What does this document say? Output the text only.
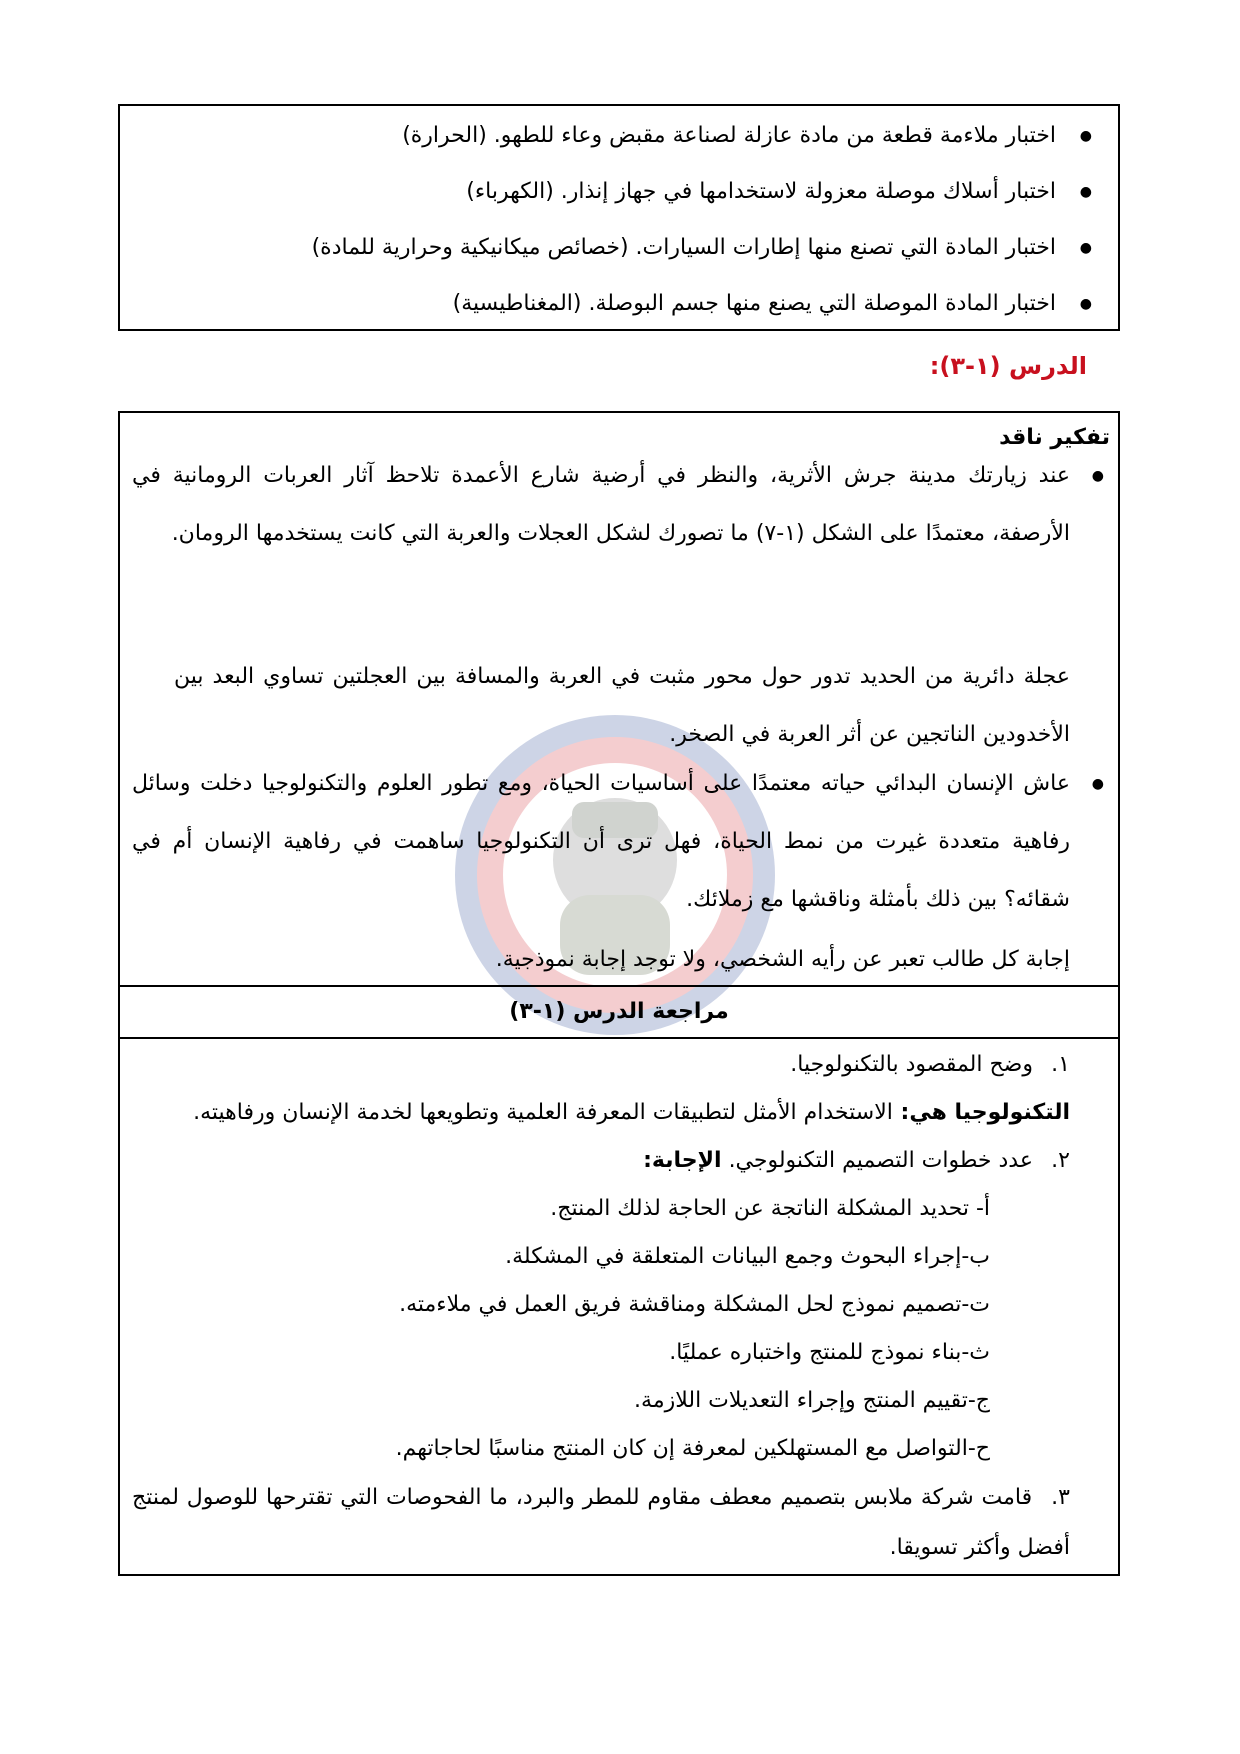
● اختبار ملاءمة قطعة من مادة عازلة لصناعة مقبض وعاء للطهو. (الحرارة)
● اختبار أسلاك موصلة معزولة لاستخدامها في جهاز إنذار. (الكهرباء)
● اختبار المادة التي تصنع منها إطارات السيارات. (خصائص ميكانيكية وحرارية للمادة)
● اختبار المادة الموصلة التي يصنع منها جسم البوصلة. (المغناطيسية)
الدرس (١-٣):
تفكير ناقد
●
عند زيارتك مدينة جرش الأثرية، والنظر في أرضية شارع الأعمدة تلاحظ آثار العربات الرومانية في الأرصفة، معتمدًا على الشكل (١-٧) ما تصورك لشكل العجلات والعربة التي كانت يستخدمها الرومان.
عجلة دائرية من الحديد تدور حول محور مثبت في العربة والمسافة بين العجلتين تساوي البعد بين الأخدودين الناتجين عن أثر العربة في الصخر.
●
عاش الإنسان البدائي حياته معتمدًا على أساسيات الحياة، ومع تطور العلوم والتكنولوجيا دخلت وسائل رفاهية متعددة غيرت من نمط الحياة، فهل ترى أن التكنولوجيا ساهمت في رفاهية الإنسان أم في شقائه؟ بين ذلك بأمثلة وناقشها مع زملائك.
إجابة كل طالب تعبر عن رأيه الشخصي، ولا توجد إجابة نموذجية.
مراجعة الدرس (١-٣)
١. وضح المقصود بالتكنولوجيا.
التكنولوجيا هي: الاستخدام الأمثل لتطبيقات المعرفة العلمية وتطويعها لخدمة الإنسان ورفاهيته.
٢. عدد خطوات التصميم التكنولوجي. الإجابة:
أ- تحديد المشكلة الناتجة عن الحاجة لذلك المنتج.
ب-إجراء البحوث وجمع البيانات المتعلقة في المشكلة.
ت-تصميم نموذج لحل المشكلة ومناقشة فريق العمل في ملاءمته.
ث-بناء نموذج للمنتج واختباره عمليًا.
ج-تقييم المنتج وإجراء التعديلات اللازمة.
ح-التواصل مع المستهلكين لمعرفة إن كان المنتج مناسبًا لحاجاتهم.
٣. قامت شركة ملابس بتصميم معطف مقاوم للمطر والبرد، ما الفحوصات التي تقترحها للوصول لمنتج أفضل وأكثر تسويقا.
